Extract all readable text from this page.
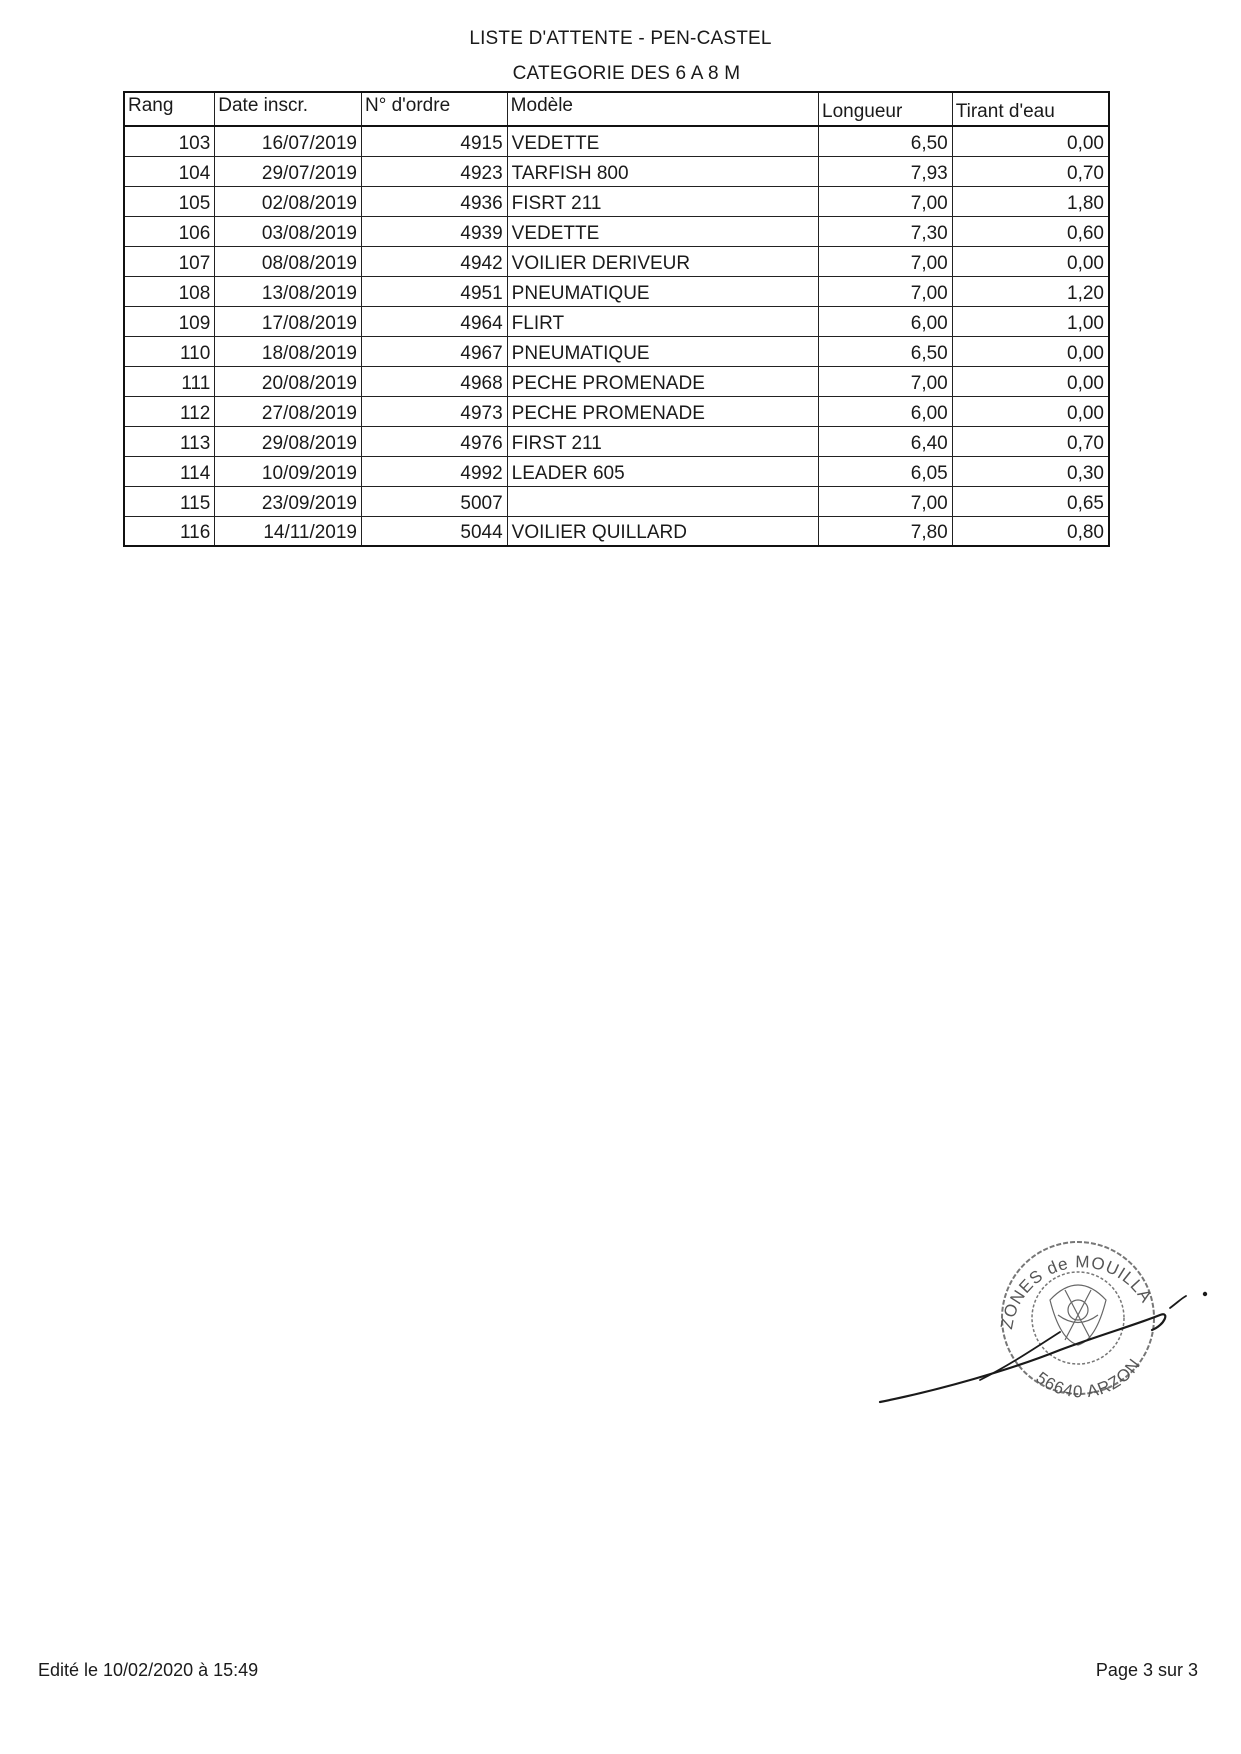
LISTE D'ATTENTE - PEN-CASTEL
CATEGORIE DES 6 A 8 M
Rang	Date inscr.	N° d'ordre	Modèle	Longueur	Tirant d'eau
103	16/07/2019	4915	VEDETTE	6,50	0,00
104	29/07/2019	4923	TARFISH 800	7,93	0,70
105	02/08/2019	4936	FISRT 211	7,00	1,80
106	03/08/2019	4939	VEDETTE	7,30	0,60
107	08/08/2019	4942	VOILIER DERIVEUR	7,00	0,00
108	13/08/2019	4951	PNEUMATIQUE	7,00	1,20
109	17/08/2019	4964	FLIRT	6,00	1,00
110	18/08/2019	4967	PNEUMATIQUE	6,50	0,00
111	20/08/2019	4968	PECHE PROMENADE	7,00	0,00
112	27/08/2019	4973	PECHE PROMENADE	6,00	0,00
113	29/08/2019	4976	FIRST 211	6,40	0,70
114	10/09/2019	4992	LEADER 605	6,05	0,30
115	23/09/2019	5007		7,00	0,65
116	14/11/2019	5044	VOILIER QUILLARD	7,80	0,80
ZONES de MOUILLA
56640 ARZON
Edité le 10/02/2020 à 15:49	Page 3 sur 3
